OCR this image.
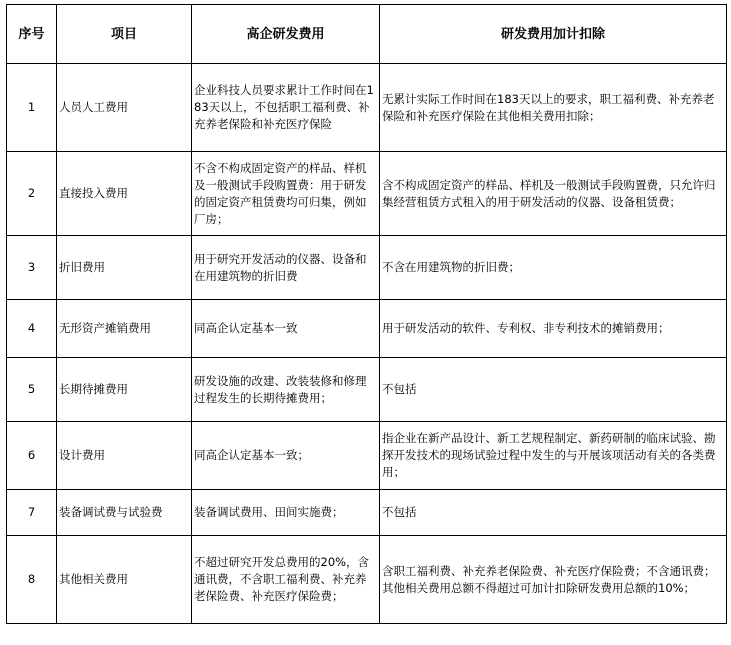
序号	项目	高企研发费用	研发费用加计扣除
1	人员人工费用	企业科技人员要求累计工作时间在183天以上，不包括职工福利费、补充养老保险和补充医疗保险	无累计实际工作时间在183天以上的要求，职工福利费、补充养老保险和补充医疗保险在其他相关费用扣除；
2	直接投入费用	不含不构成固定资产的样品、样机及一般测试手段购置费：用于研发的固定资产租赁费均可归集，例如厂房；	含不构成固定资产的样品、样机及一般测试手段购置费，只允许归集经营租赁方式租入的用于研发活动的仪器、设备租赁费；
3	折旧费用	用于研究开发活动的仪器、设备和在用建筑物的折旧费	不含在用建筑物的折旧费；
4	无形资产摊销费用	同高企认定基本一致	用于研发活动的软件、专利权、非专利技术的摊销费用；
5	长期待摊费用	研发设施的改建、改装装修和修理过程发生的长期待摊费用；	不包括
6	设计费用	同高企认定基本一致；	指企业在新产品设计、新工艺规程制定、新药研制的临床试验、勘探开发技术的现场试验过程中发生的与开展该项活动有关的各类费用；
7	装备调试费与试验费	装备调试费用、田间实施费；	不包括
8	其他相关费用	不超过研究开发总费用的20%，含通讯费，不含职工福利费、补充养老保险费、补充医疗保险费；	含职工福利费、补充养老保险费、补充医疗保险费；不含通讯费；其他相关费用总额不得超过可加计扣除研发费用总额的10%；
